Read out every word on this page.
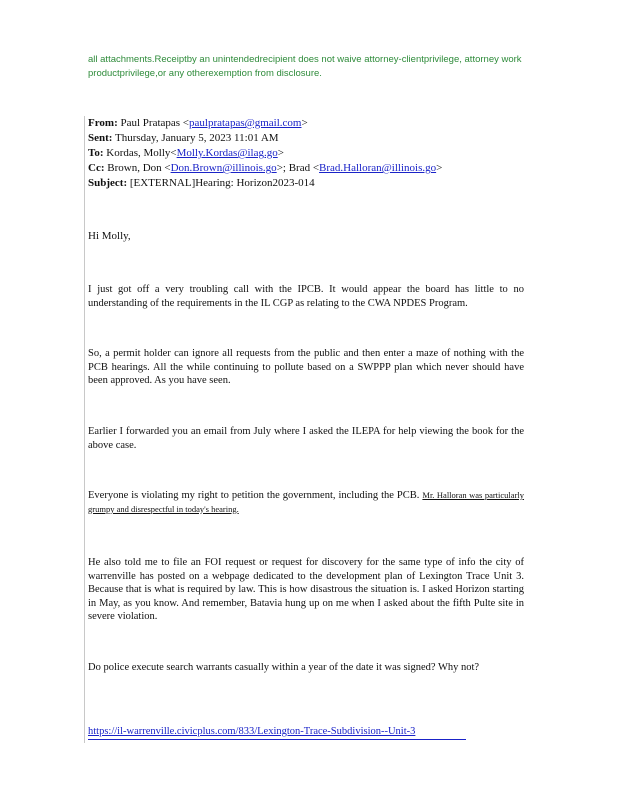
all attachments.Receiptby an unintendedrecipient does not waive attorney-clientprivilege, attorney work productprivilege,or any otherexemption from disclosure.
From: Paul Pratapas <paulpratapas@gmail.com>
Sent: Thursday, January 5, 2023 11:01 AM
To: Kordas, Molly<Molly.Kordas@ilag.go>
Cc: Brown, Don <Don.Brown@illinois.go>; Brad <Brad.Halloran@illinois.go>
Subject: [EXTERNAL]Hearing: Horizon2023-014
Hi Molly,
I just got off a very troubling call with the IPCB. It would appear the board has little to no understanding of the requirements in the IL CGP as relating to the CWA NPDES Program.
So, a permit holder can ignore all requests from the public and then enter a maze of nothing with the PCB hearings. All the while continuing to pollute based on a SWPPP plan which never should have been approved. As you have seen.
Earlier I forwarded you an email from July where I asked the ILEPA for help viewing the book for the above case.
Everyone is violating my right to petition the government, including the PCB. Mr. Halloran was particularly grumpy and disrespectful in today's hearing.
He also told me to file an FOI request or request for discovery for the same type of info the city of warrenville has posted on a webpage dedicated to the development plan of Lexington Trace Unit 3. Because that is what is required by law. This is how disastrous the situation is. I asked Horizon starting in May, as you know. And remember, Batavia hung up on me when I asked about the fifth Pulte site in severe violation.
Do police execute search warrants casually within a year of the date it was signed? Why not?
https://il-warrenville.civicplus.com/833/Lexington-Trace-Subdivision--Unit-3
